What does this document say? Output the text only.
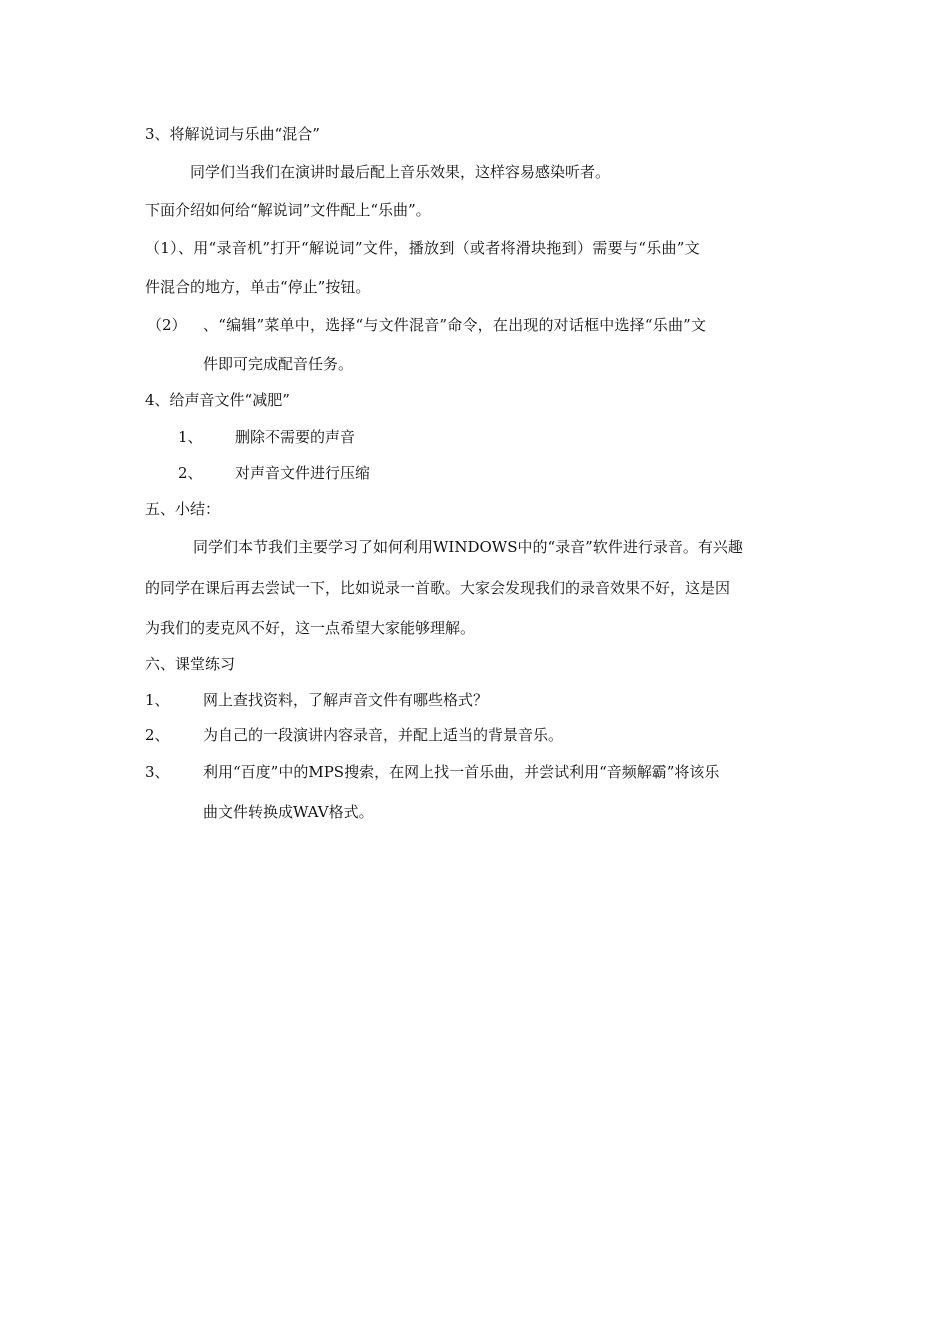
3、将解说词与乐曲“混合”
同学们当我们在演讲时最后配上音乐效果，这样容易感染听者。
下面介绍如何给“解说词”文件配上“乐曲”。
（1）、用“录音机”打开“解说词”文件，播放到（或者将滑块拖到）需要与“乐曲”文
件混合的地方，单击“停止”按钮。
（2） 、“编辑”菜单中，选择“与文件混音”命令，在出现的对话框中选择“乐曲”文
件即可完成配音任务。
4、给声音文件“减肥”
1、 删除不需要的声音
2、 对声音文件进行压缩
五、小结：
同学们本节我们主要学习了如何利用WINDOWS中的“录音”软件进行录音。有兴趣
的同学在课后再去尝试一下，比如说录一首歌。大家会发现我们的录音效果不好，这是因
为我们的麦克风不好，这一点希望大家能够理解。
六、课堂练习
1、 网上查找资料，了解声音文件有哪些格式？
2、 为自己的一段演讲内容录音，并配上适当的背景音乐。
3、 利用“百度”中的MPS搜索，在网上找一首乐曲，并尝试利用“音频解霸”将该乐
曲文件转换成WAV格式。
